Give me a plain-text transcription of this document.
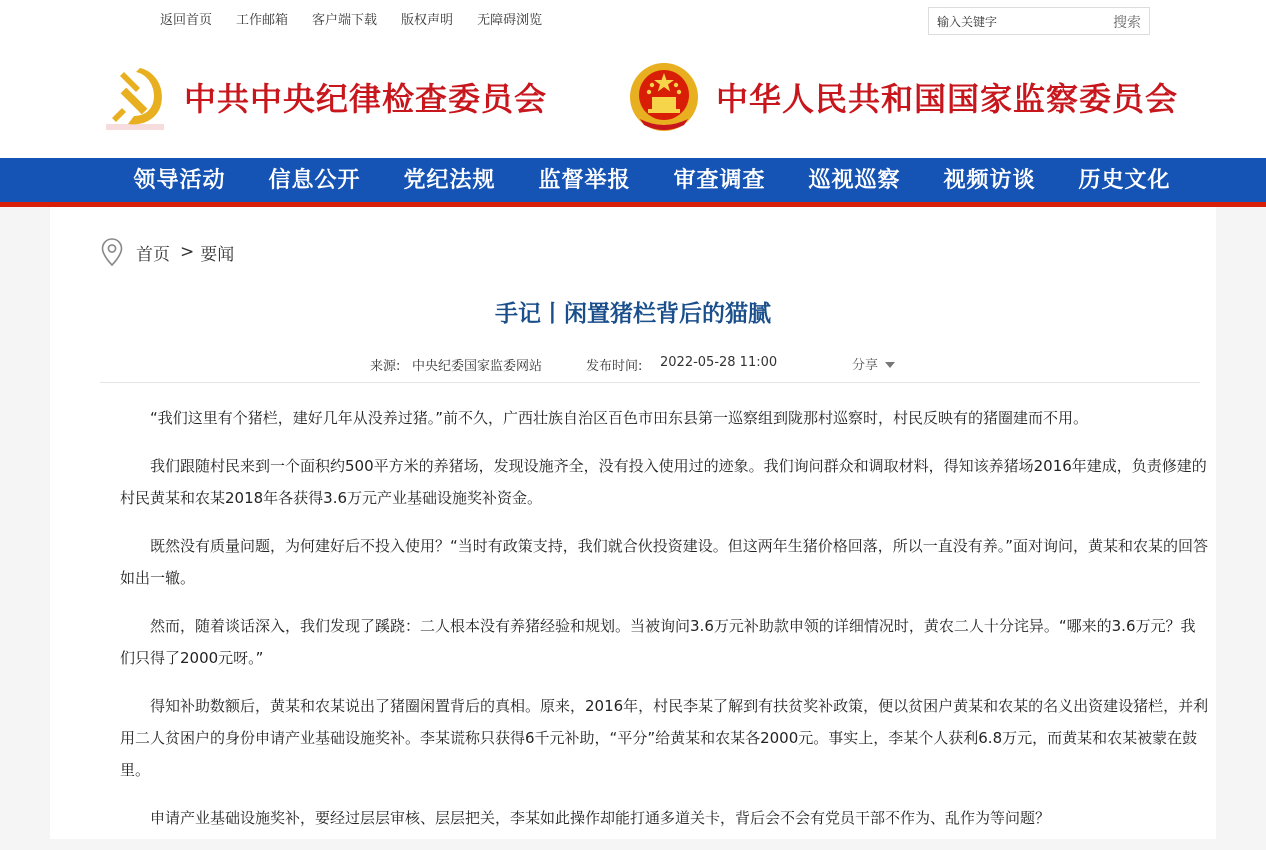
返回首页 工作邮箱 客户端下载 版权声明 无障碍浏览
输入关键字	搜索
中共中央纪律检查委员会	中华人民共和国国家监察委员会
领导活动	信息公开	党纪法规	监督举报	审查调查	巡视巡察	视频访谈	历史文化
首页 > 要闻
手记丨闲置猪栏背后的猫腻
来源: 中央纪委国家监委网站	发布时间: 2022-05-28 11:00	分享

“我们这里有个猪栏，建好几年从没养过猪。”前不久，广西壮族自治区百色市田东县第一巡察组到陇那村巡察时，村民反映有的猪圈建而不用。

我们跟随村民来到一个面积约500平方米的养猪场，发现设施齐全，没有投入使用过的迹象。我们询问群众和调取材料，得知该养猪场2016年建成，负责修建的村民黄某和农某2018年各获得3.6万元产业基础设施奖补资金。

既然没有质量问题，为何建好后不投入使用？“当时有政策支持，我们就合伙投资建设。但这两年生猪价格回落，所以一直没有养。”面对询问，黄某和农某的回答如出一辙。

然而，随着谈话深入，我们发现了蹊跷：二人根本没有养猪经验和规划。当被询问3.6万元补助款申领的详细情况时，黄农二人十分诧异。“哪来的3.6万元？我们只得了2000元呀。”

得知补助数额后，黄某和农某说出了猪圈闲置背后的真相。原来，2016年，村民李某了解到有扶贫奖补政策，便以贫困户黄某和农某的名义出资建设猪栏，并利用二人贫困户的身份申请产业基础设施奖补。李某谎称只获得6千元补助，“平分”给黄某和农某各2000元。事实上，李某个人获利6.8万元，而黄某和农某被蒙在鼓里。

申请产业基础设施奖补，要经过层层审核、层层把关，李某如此操作却能打通多道关卡，背后会不会有党员干部不作为、乱作为等问题？
